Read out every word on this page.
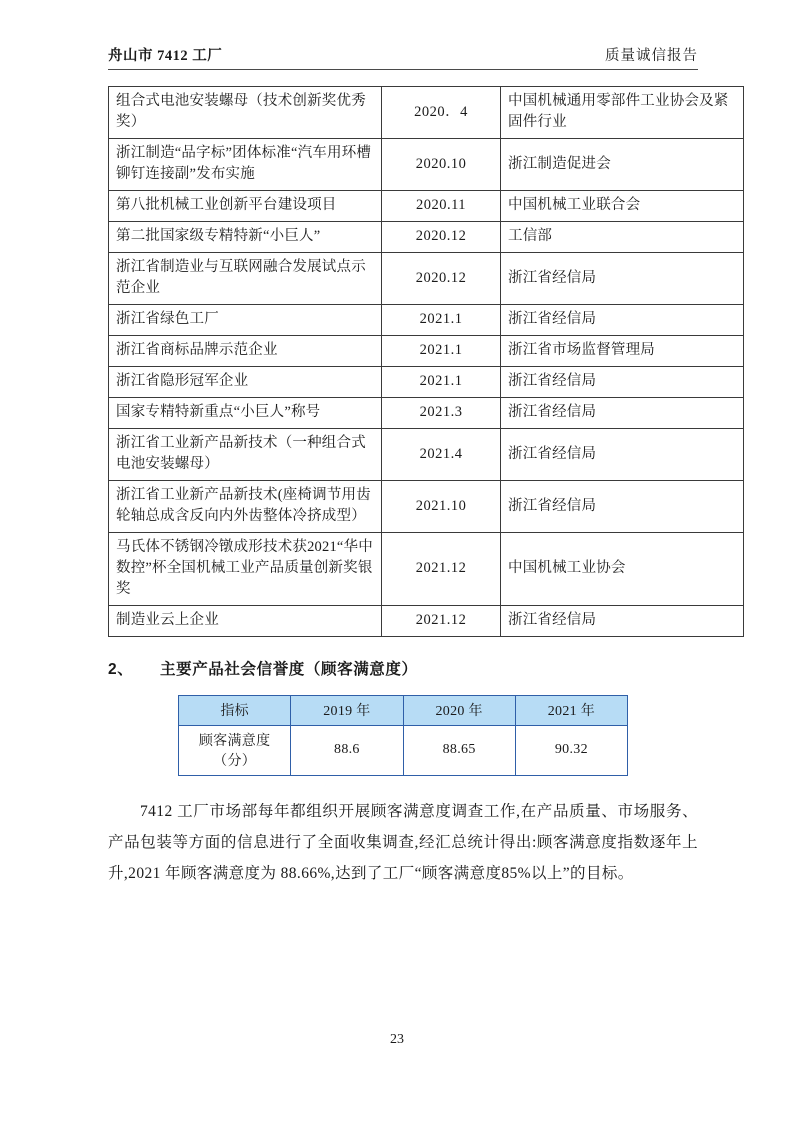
舟山市 7412 工厂	质量诚信报告
组合式电池安装螺母（技术创新奖优秀奖）	2020．4	中国机械通用零部件工业协会及紧固件行业
浙江制造“品字标”团体标准“汽车用环槽铆钉连接副”发布实施	2020.10	浙江制造促进会
第八批机械工业创新平台建设项目	2020.11	中国机械工业联合会
第二批国家级专精特新“小巨人”	2020.12	工信部
浙江省制造业与互联网融合发展试点示范企业	2020.12	浙江省经信局
浙江省绿色工厂	2021.1	浙江省经信局
浙江省商标品牌示范企业	2021.1	浙江省市场监督管理局
浙江省隐形冠军企业	2021.1	浙江省经信局
国家专精特新重点“小巨人”称号	2021.3	浙江省经信局
浙江省工业新产品新技术（一种组合式电池安装螺母）	2021.4	浙江省经信局
浙江省工业新产品新技术(座椅调节用齿轮轴总成含反向内外齿整体冷挤成型）	2021.10	浙江省经信局
马氏体不锈钢冷镦成形技术获2021“华中数控”杯全国机械工业产品质量创新奖银奖	2021.12	中国机械工业协会
制造业云上企业	2021.12	浙江省经信局
2、	主要产品社会信誉度（顾客满意度）
指标	2019 年	2020 年	2021 年
顾客满意度（分）	88.6	88.65	90.32
7412 工厂市场部每年都组织开展顾客满意度调查工作,在产品质量、市场服务、产品包装等方面的信息进行了全面收集调查,经汇总统计得出:顾客满意度指数逐年上升,2021 年顾客满意度为 88.66%,达到了工厂“顾客满意度85%以上”的目标。
23
